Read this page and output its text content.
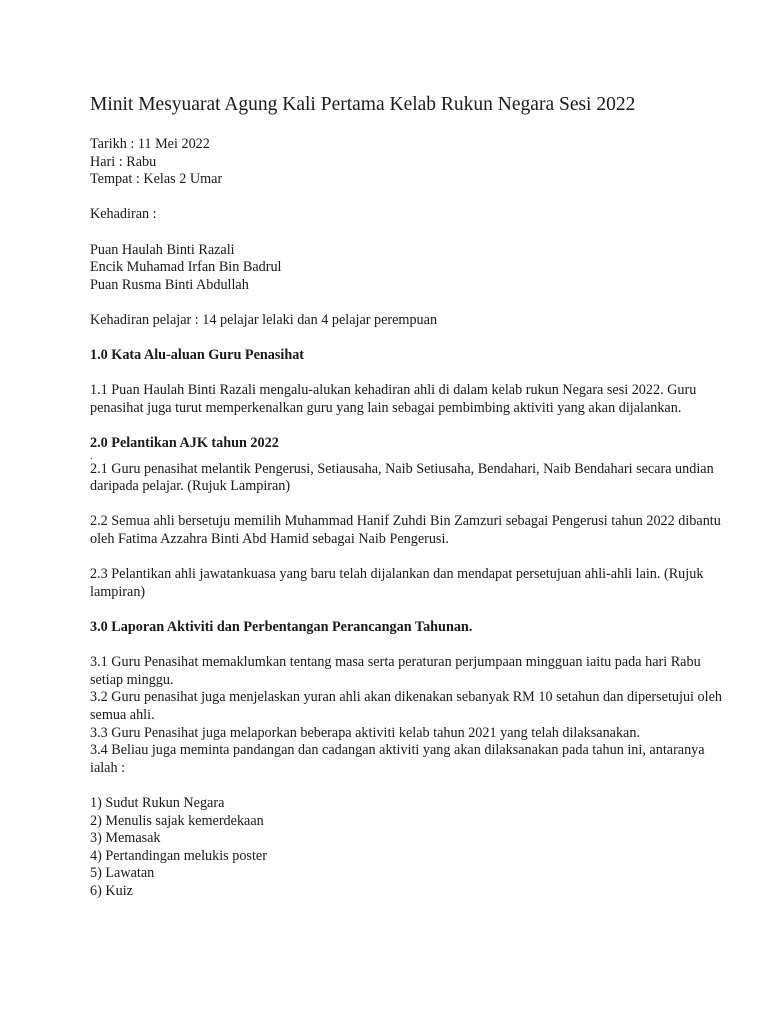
Minit Mesyuarat Agung Kali Pertama Kelab Rukun Negara Sesi 2022

Tarikh : 11 Mei 2022

Hari : Rabu

Tempat : Kelas 2 Umar

Kehadiran :

Puan Haulah Binti Razali

Encik Muhamad Irfan Bin Badrul

Puan Rusma Binti Abdullah

Kehadiran pelajar : 14 pelajar lelaki dan 4 pelajar perempuan

1.0 Kata Alu-aluan Guru Penasihat

1.1 Puan Haulah Binti Razali mengalu-alukan kehadiran ahli di dalam kelab rukun Negara sesi 2022. Guru penasihat juga turut memperkenalkan guru yang lain sebagai pembimbing aktiviti yang akan dijalankan.

2.0 Pelantikan AJK tahun 2022

.

2.1 Guru penasihat melantik Pengerusi, Setiausaha, Naib Setiusaha, Bendahari, Naib Bendahari secara undian daripada pelajar. (Rujuk Lampiran)

2.2 Semua ahli bersetuju memilih Muhammad Hanif Zuhdi Bin Zamzuri sebagai Pengerusi tahun 2022 dibantu oleh Fatima Azzahra Binti Abd Hamid sebagai Naib Pengerusi.

2.3 Pelantikan ahli jawatankuasa yang baru telah dijalankan dan mendapat persetujuan ahli-ahli lain. (Rujuk lampiran)

3.0 Laporan Aktiviti dan Perbentangan Perancangan Tahunan.

3.1 Guru Penasihat memaklumkan tentang masa serta peraturan perjumpaan mingguan iaitu pada hari Rabu setiap minggu.

3.2 Guru penasihat juga menjelaskan yuran ahli akan dikenakan sebanyak RM 10 setahun dan dipersetujui oleh semua ahli.

3.3 Guru Penasihat juga melaporkan beberapa aktiviti kelab tahun 2021 yang telah dilaksanakan.

3.4 Beliau juga meminta pandangan dan cadangan aktiviti yang akan dilaksanakan pada tahun ini, antaranya ialah :

1) Sudut Rukun Negara
2) Menulis sajak kemerdekaan
3) Memasak
4) Pertandingan melukis poster
5) Lawatan
6) Kuiz
